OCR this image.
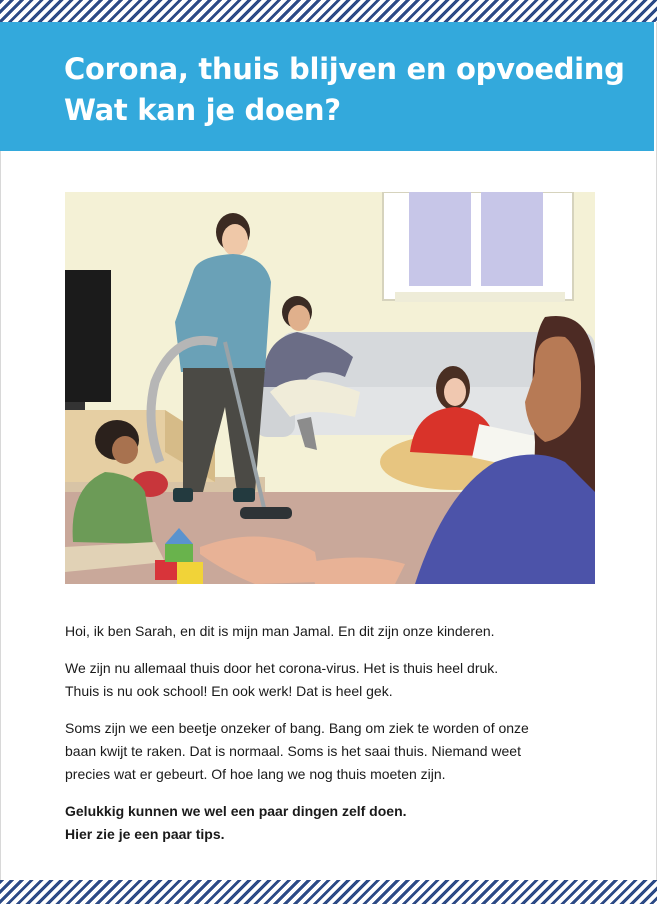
Corona, thuis blijven en opvoeding
Wat kan je doen?

Hoi, ik ben Sarah, en dit is mijn man Jamal. En dit zijn onze kinderen.

We zijn nu allemaal thuis door het corona-virus. Het is thuis heel druk.
Thuis is nu ook school! En ook werk! Dat is heel gek.

Soms zijn we een beetje onzeker of bang. Bang om ziek te worden of onze
baan kwijt te raken. Dat is normaal. Soms is het saai thuis. Niemand weet
precies wat er gebeurt. Of hoe lang we nog thuis moeten zijn.

Gelukkig kunnen we wel een paar dingen zelf doen.
Hier zie je een paar tips.
